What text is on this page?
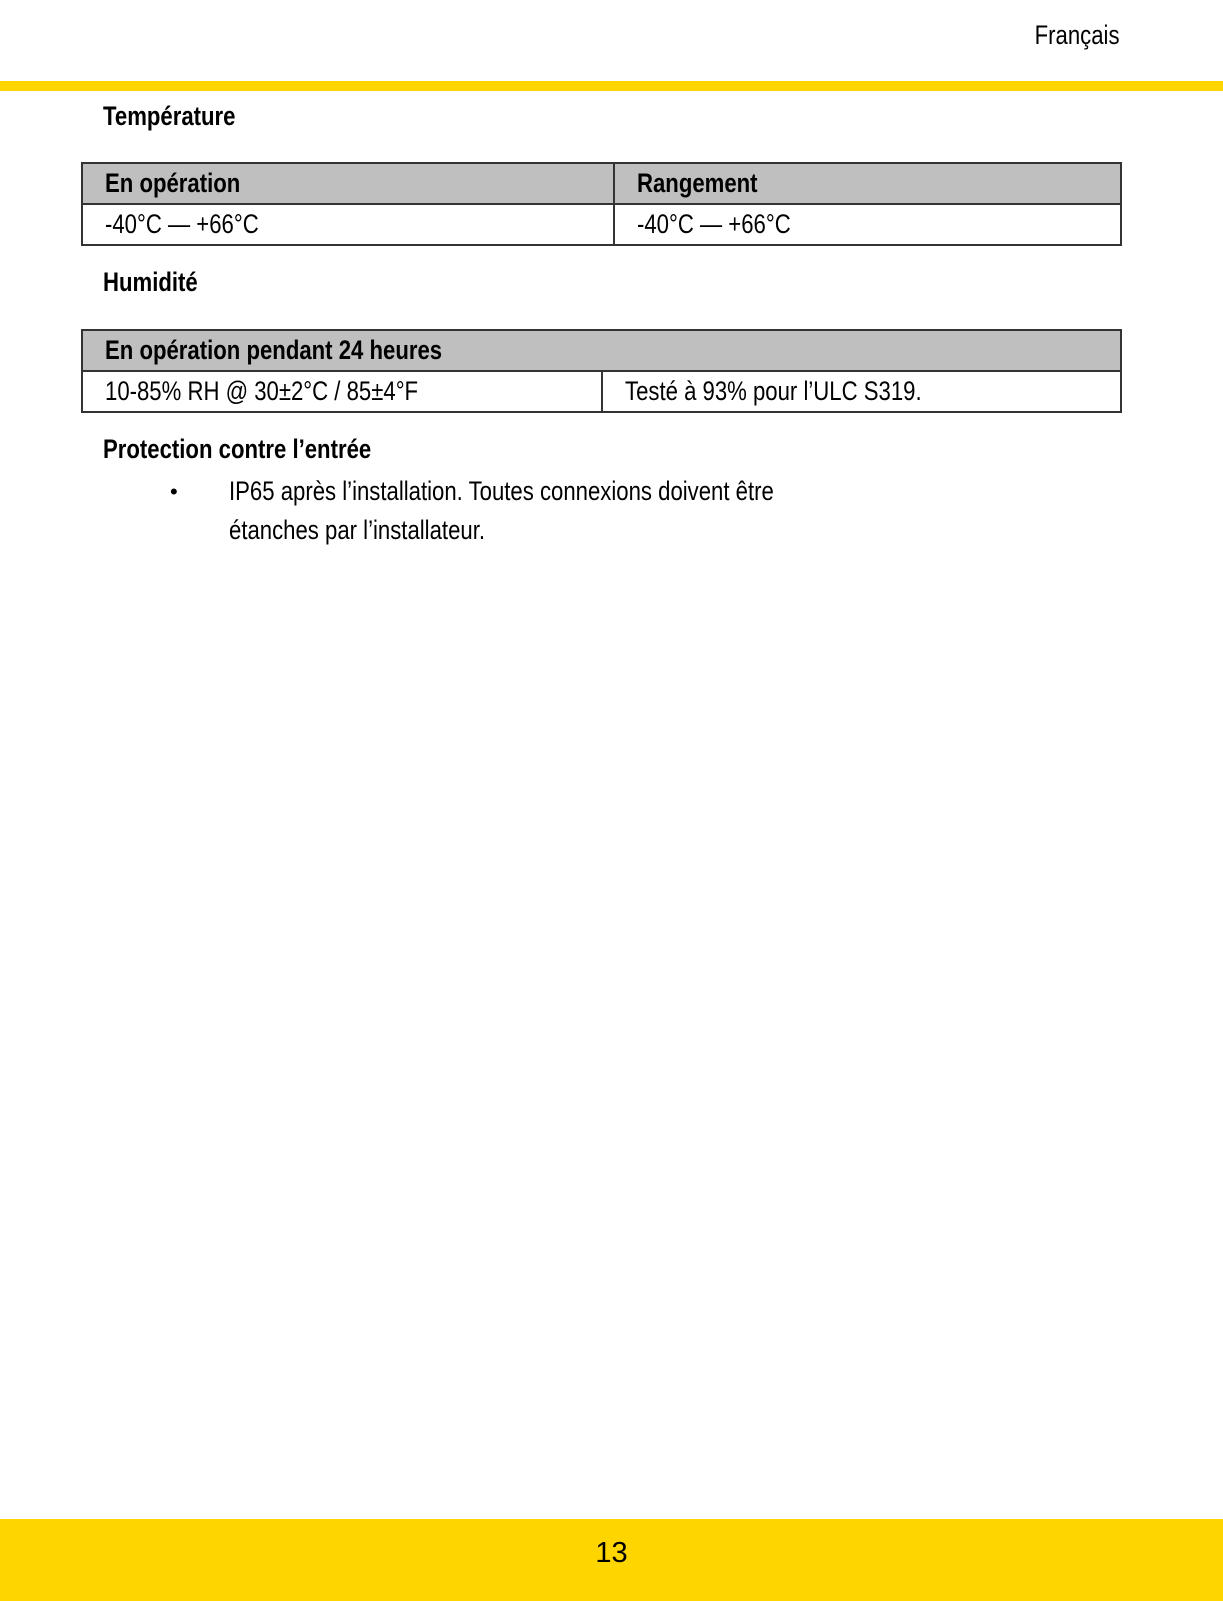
Français
Température
En opération	Rangement
-40°C — +66°C	-40°C — +66°C
Humidité
En opération pendant 24 heures
10-85% RH @ 30±2°C / 85±4°F	Testé à 93% pour l’ULC S319.
Protection contre l’entrée
•	IP65 après l’installation. Toutes connexions doivent être étanches par l’installateur.
13
